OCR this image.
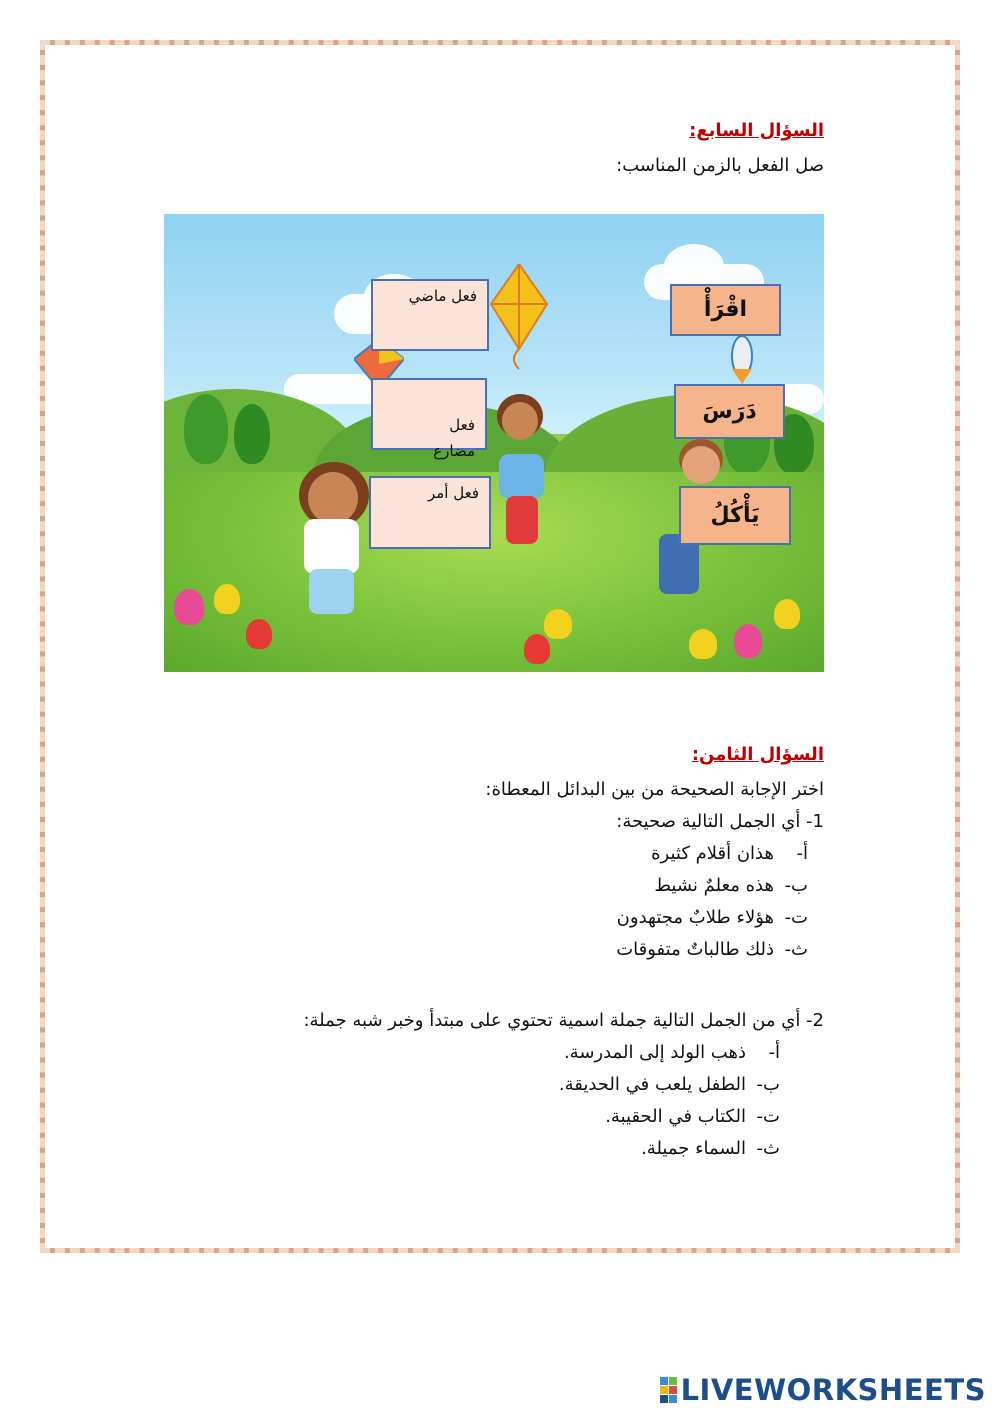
السؤال السابع:
صل الفعل بالزمن المناسب:
فعل ماضي

فعل
مضارع

فعل أمر
اقْرَأْ
دَرَسَ
يَأْكُلُ
السؤال الثامن:
اختر الإجابة الصحيحة من بين البدائل المعطاة:
1- أي الجمل التالية صحيحة:
أ-هذان أقلام كثيرة
ب-هذه معلمٌ نشيط
ت-هؤلاء طلابٌ مجتهدون
ث-ذلك طالباتٌ متفوقات
2- أي من الجمل التالية جملة اسمية تحتوي على مبتدأ وخبر شبه جملة:
أ-ذهب الولد إلى المدرسة.
ب-الطفل يلعب في الحديقة.
ت-الكتاب في الحقيبة.
ث-السماء جميلة.
LIVEWORKSHEETS
